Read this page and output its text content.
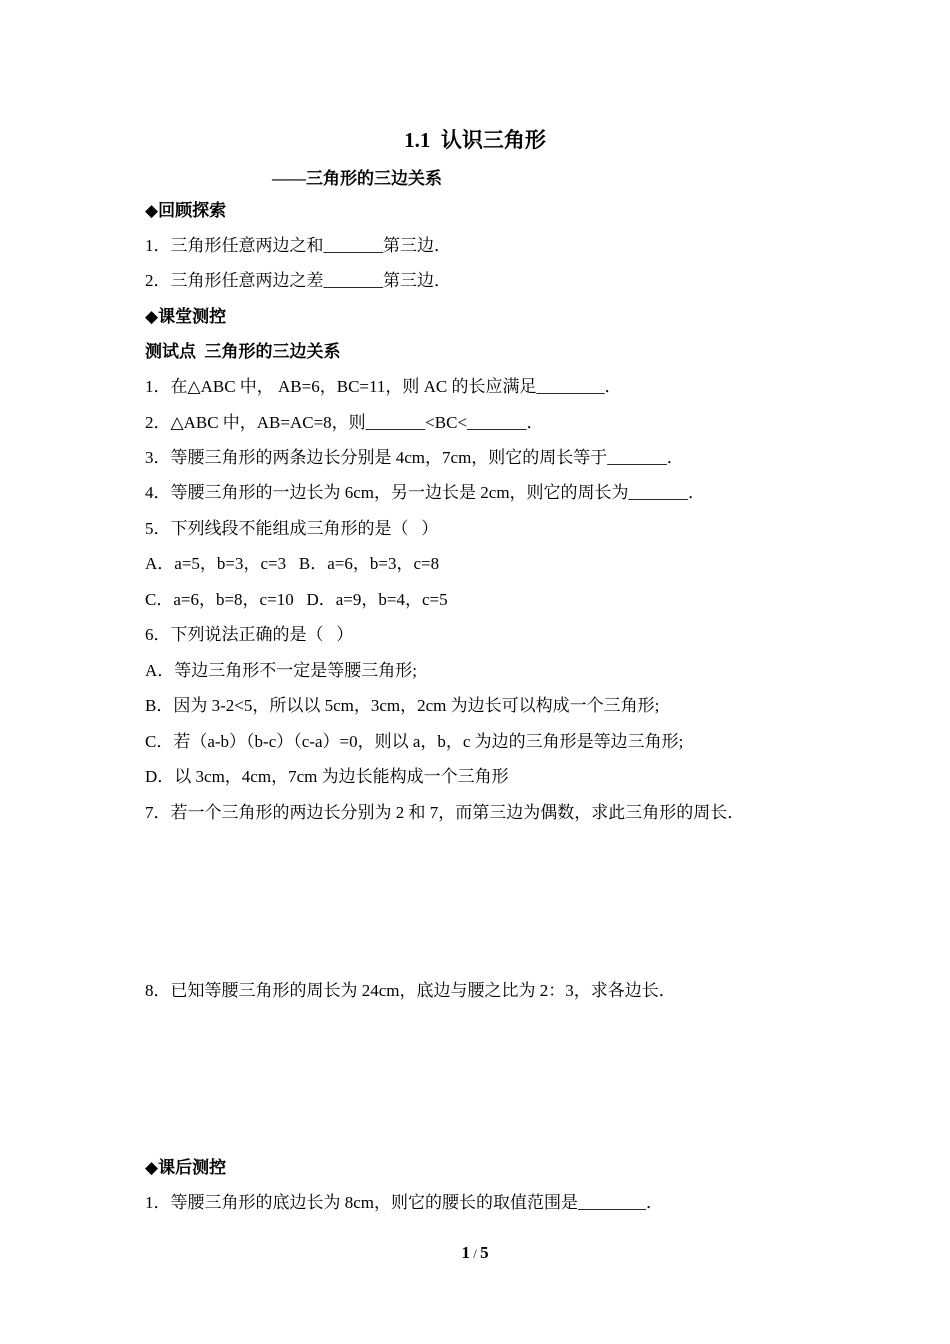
1.1  认识三角形
——三角形的三边关系
◆回顾探索
1．三角形任意两边之和_______第三边．
2．三角形任意两边之差_______第三边．
◆课堂测控
测试点  三角形的三边关系
1．在△ABC 中， AB=6，BC=11，则 AC 的长应满足________．
2．△ABC 中，AB=AC=8，则_______<BC<_______．
3．等腰三角形的两条边长分别是 4cm，7cm，则它的周长等于_______．
4．等腰三角形的一边长为 6cm，另一边长是 2cm，则它的周长为_______．
5．下列线段不能组成三角形的是（   ）
A．a=5，b=3，c=3   B．a=6，b=3，c=8
C．a=6，b=8，c=10   D．a=9，b=4，c=5
6．下列说法正确的是（   ）
A．等边三角形不一定是等腰三角形;
B．因为 3-2<5，所以以 5cm，3cm，2cm 为边长可以构成一个三角形;
C．若（a-b）（b-c）（c-a）=0，则以 a，b，c 为边的三角形是等边三角形;
D．以 3cm，4cm，7cm 为边长能构成一个三角形
7．若一个三角形的两边长分别为 2 和 7，而第三边为偶数，求此三角形的周长．
8．已知等腰三角形的周长为 24cm，底边与腰之比为 2：3，求各边长．
◆课后测控
1．等腰三角形的底边长为 8cm，则它的腰长的取值范围是________．
1 / 5
